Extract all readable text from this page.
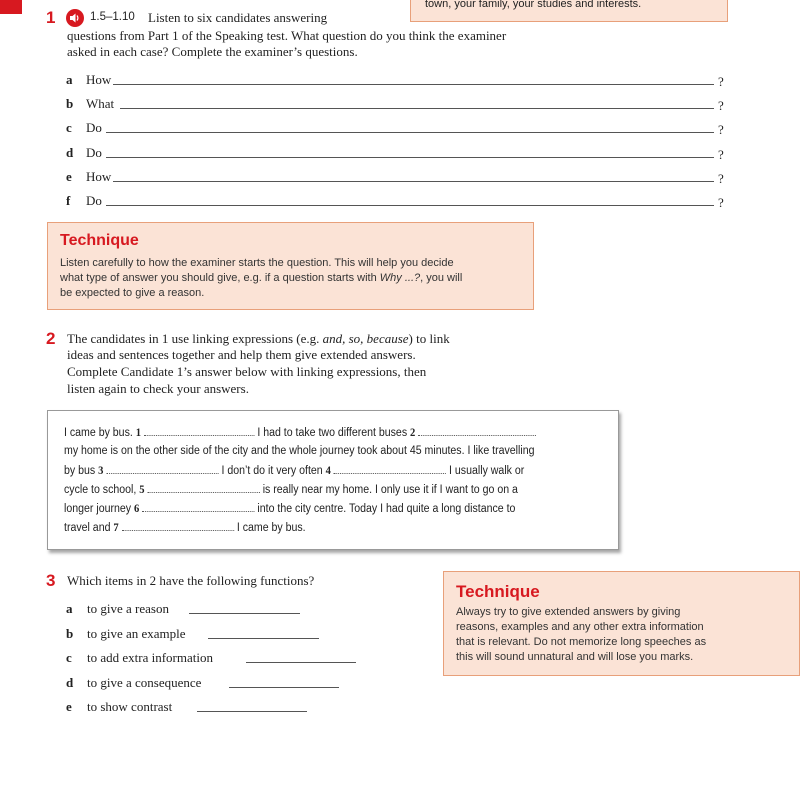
town, your family, your studies and interests.
1	1.5–1.10 Listen to six candidates answering
questions from Part 1 of the Speaking test. What question do you think the examiner
asked in each case? Complete the examiner’s questions.
a	How	?
b What	?
c	Do	?
d Do	?
e	How	?
f	Do	?
Technique
Listen carefully to how the examiner starts the question. This will help you decide
what type of answer you should give, e.g. if a question starts with Why ...?, you will
be expected to give a reason.
2 The candidates in 1 use linking expressions (e.g. and, so, because) to link
ideas and sentences together and help them give extended answers.
Complete Candidate 1’s answer below with linking expressions, then
listen again to check your answers.
I came by bus. 1	I had to take two different buses 2
my home is on the other side of the city and the whole journey took about 45 minutes. I like travelling
by bus 3	I don’t do it very often 4	I usually walk or
cycle to school, 5	is really near my home. I only use it if I want to go on a
longer journey 6	into the city centre. Today I had quite a long distance to
travel and 7	I came by bus.
3 Which items in 2 have the following functions?
a to give a reason
b to give an example
c to add extra information
d to give a consequence
e to show contrast
Technique
Always try to give extended answers by giving
reasons, examples and any other extra information
that is relevant. Do not memorize long speeches as
this will sound unnatural and will lose you marks.
